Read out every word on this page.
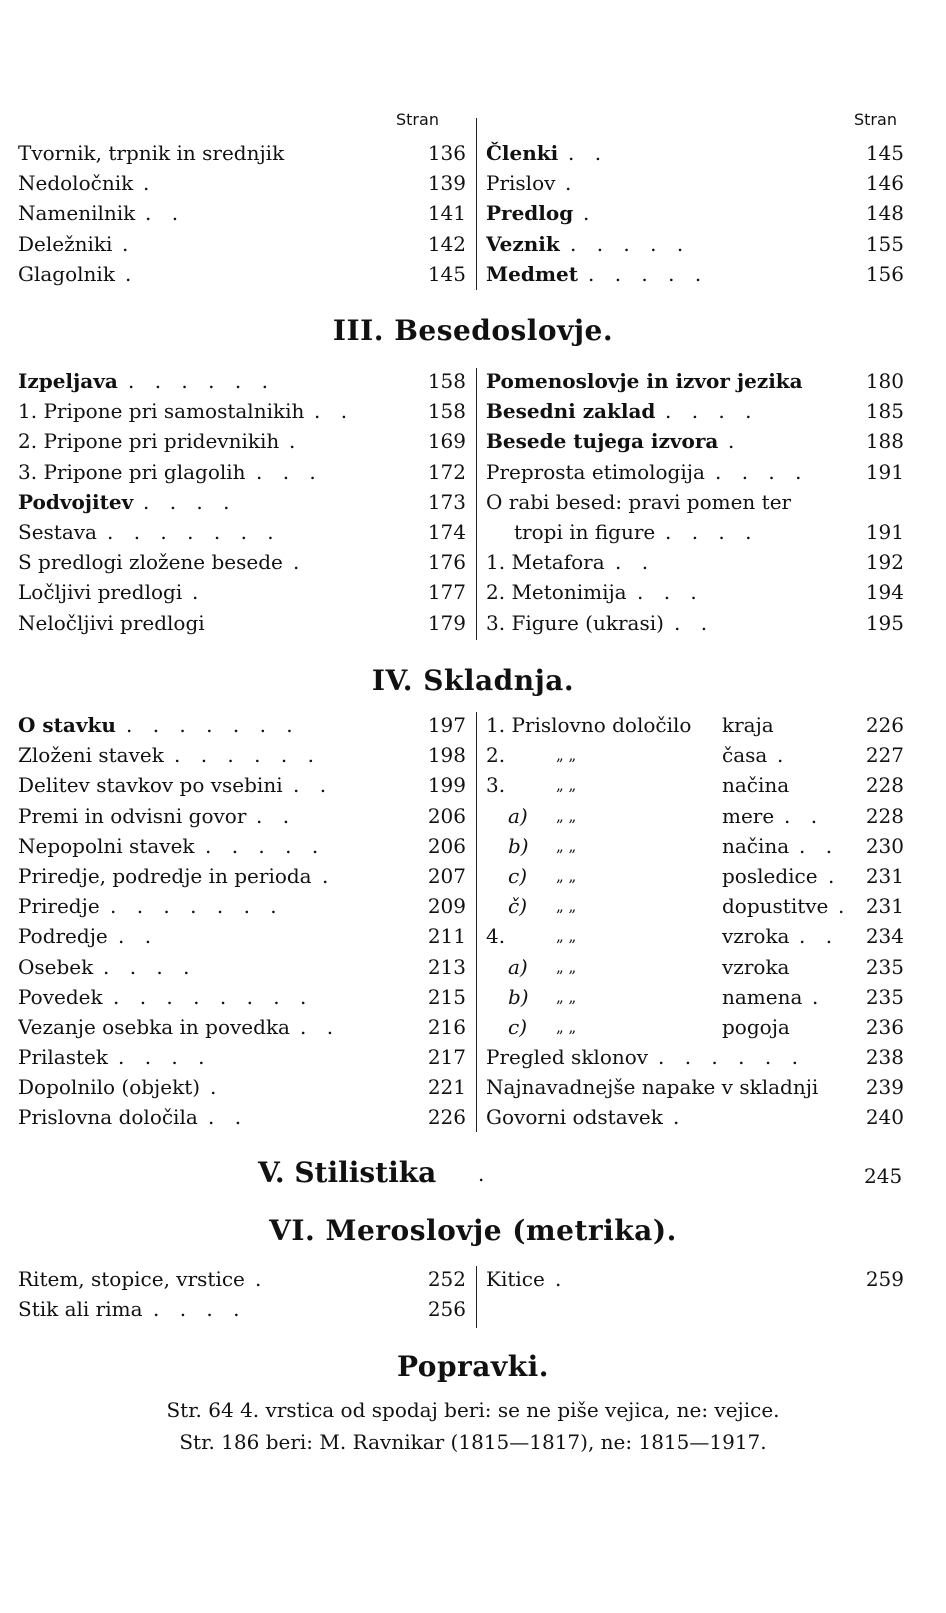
Stran	Stran
Tvornik, trpnik in srednjik	136
Nedoločnik .	139
Namenilnik . .	141
Deležniki .	142
Glagolnik .	145
Členki . .	145
Prislov .	146
Predlog .	148
Veznik . . . . .	155
Medmet . . . . .	156
III. Besedoslovje.
Izpeljava . . . . . .	158
1. Pripone pri samostalnikih . .	158
2. Pripone pri pridevnikih .	169
3. Pripone pri glagolih . . .	172
Podvojitev . . . .	173
Sestava . . . . . . .	174
S predlogi zložene besede .	176
Ločljivi predlogi .	177
Neločljivi predlogi	179
Pomenoslovje in izvor jezika	180
Besedni zaklad . . . .	185
Besede tujega izvora .	188
Preprosta etimologija . . . .	191
O rabi besed: pravi pomen ter
tropi in figure . . . .	191
1. Metafora . .	192
2. Metonimija . . .	194
3. Figure (ukrasi) . .	195
IV. Skladnja.
O stavku . . . . . . .	197
Zloženi stavek . . . . . .	198
Delitev stavkov po vsebini . .	199
Premi in odvisni govor . .	206
Nepopolni stavek . . . . .	206
Priredje, podredje in perioda .	207
Priredje . . . . . . .	209
Podredje . .	211
Osebek . . . .	213
Povedek . . . . . . . .	215
Vezanje osebka in povedka . .	216
Prilastek . . . .	217
Dopolnilo (objekt) .	221
Prislovna določila . .	226
1. Prislovno določilo kraja	226
2.	„ „	časa .	227
3.	„ „	načina	228
a) „ „	mere . . 228
b) „ „	načina . . 230
c) „ „	posledice . 231
č) „ „	dopustitve . 231
4.	„ „	vzroka . . 234
a) „ „	vzroka	235
b) „ „	namena . 235
c) „ „	pogoja	236
Pregled sklonov . . . . . .	238
Najnavadnejše napake v skladnji 239
Govorni odstavek .	240
V. Stilistika .	245
VI. Meroslovje (metrika).
Ritem, stopice, vrstice .	252
Stik ali rima . . . .	256
Kitice .	259
Popravki.
Str. 64 4. vrstica od spodaj beri: se ne piše vejica, ne: vejice.
Str. 186 beri: M. Ravnikar (1815—1817), ne: 1815—1917.
